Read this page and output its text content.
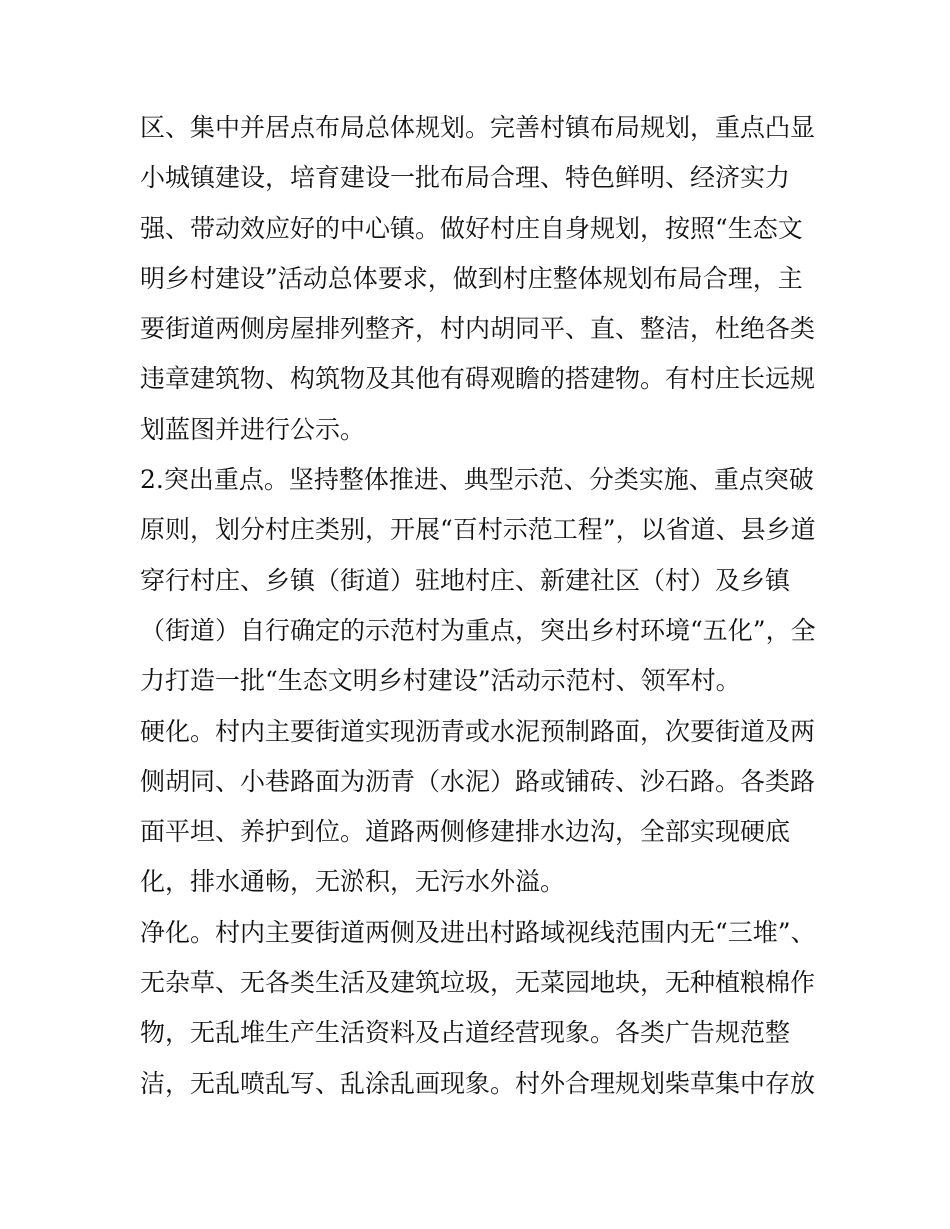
区、集中并居点布局总体规划。完善村镇布局规划，重点凸显
小城镇建设，培育建设一批布局合理、特色鲜明、经济实力
强、带动效应好的中心镇。做好村庄自身规划，按照“生态文
明乡村建设”活动总体要求，做到村庄整体规划布局合理，主
要街道两侧房屋排列整齐，村内胡同平、直、整洁，杜绝各类
违章建筑物、构筑物及其他有碍观瞻的搭建物。有村庄长远规
划蓝图并进行公示。
2.突出重点。坚持整体推进、典型示范、分类实施、重点突破
原则，划分村庄类别，开展“百村示范工程”，以省道、县乡道
穿行村庄、乡镇（街道）驻地村庄、新建社区（村）及乡镇
（街道）自行确定的示范村为重点，突出乡村环境“五化”，全
力打造一批“生态文明乡村建设”活动示范村、领军村。
硬化。村内主要街道实现沥青或水泥预制路面，次要街道及两
侧胡同、小巷路面为沥青（水泥）路或铺砖、沙石路。各类路
面平坦、养护到位。道路两侧修建排水边沟，全部实现硬底
化，排水通畅，无淤积，无污水外溢。
净化。村内主要街道两侧及进出村路域视线范围内无“三堆”、
无杂草、无各类生活及建筑垃圾，无菜园地块，无种植粮棉作
物，无乱堆生产生活资料及占道经营现象。各类广告规范整
洁，无乱喷乱写、乱涂乱画现象。村外合理规划柴草集中存放
